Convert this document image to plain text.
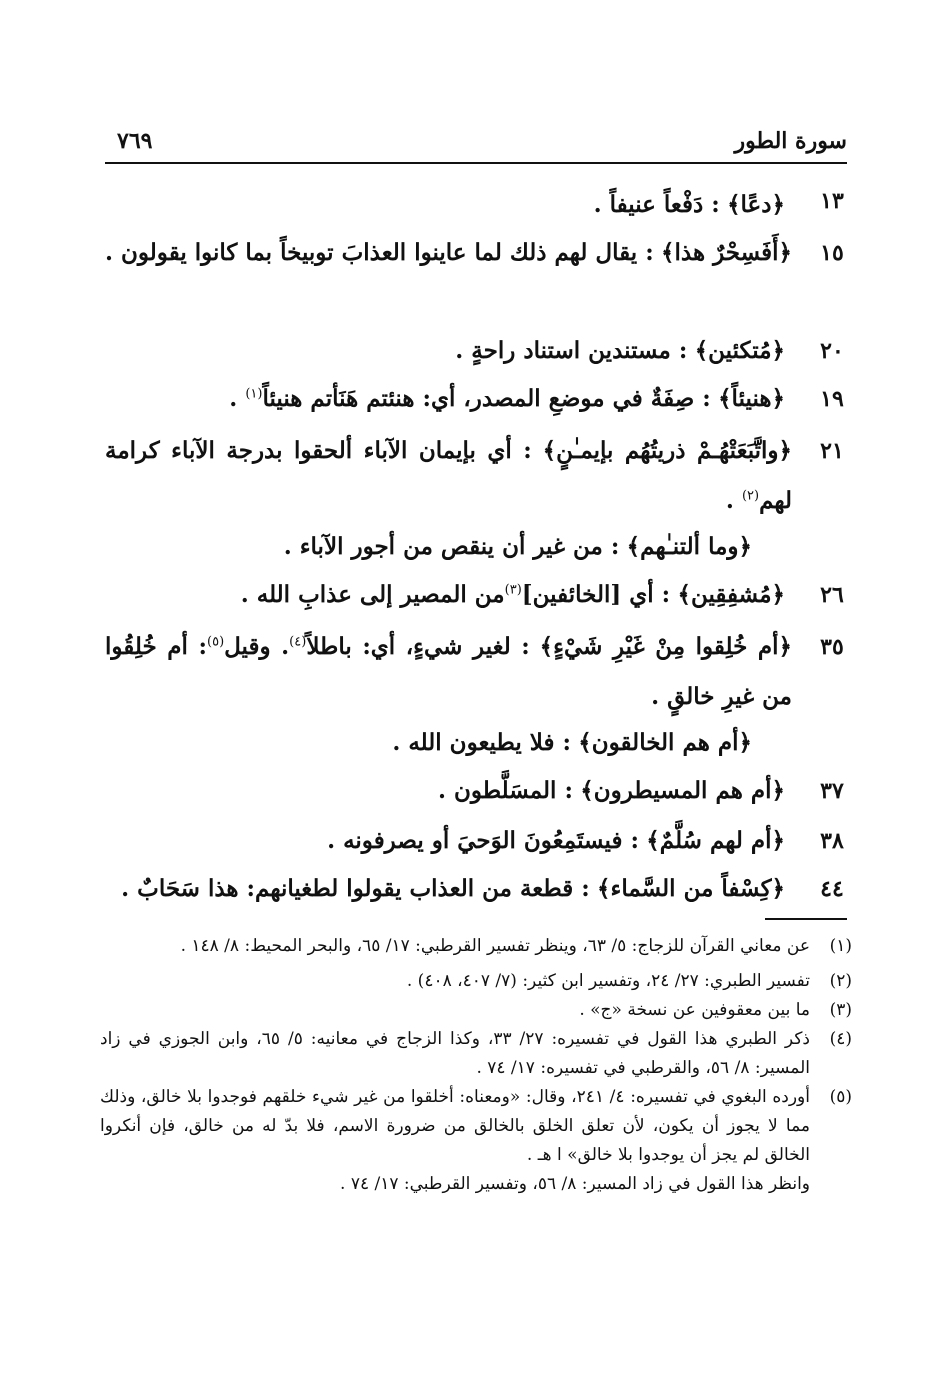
سورة الطور
٧٦٩
١٣
﴿دعًا﴾ : دَفْعاً عنيفاً .
١٥
﴿أَفَسِحْرٌ هذا﴾ : يقال لهم ذلك لما عاينوا العذابَ توبيخاً بما كانوا يقولون .
٢٠
﴿مُتكئين﴾ : مستندين استناد راحةٍ .
١٩
﴿هنيئاً﴾ : صِفَةٌ في موضعِ المصدر، أي: هنئتم هَنَأتم هنيئاً$^{(١)}$ .
٢١
﴿واتَّبَعَتْهُـمْ ذريتُهُم بإيمـٰنٍ﴾ : أي بإيمان الآباء ألحقوا بدرجة الآباء كرامة لهم$^{(٢)}$ .
﴿وما ألتنـٰهم﴾ : من غير أن ينقص من أجور الآباء .
٢٦
﴿مُشفِقِين﴾ : أي [الخائفين]$^{(٣)}$من المصير إلى عذابِ الله .
٣٥
﴿أم خُلِقوا مِنْ غَيْرِ شَيْءٍ﴾ : لغير شيءٍ، أي: باطلاً$^{(٤)}$. وقيل$^{(٥)}$: أم خُلِقُوا من غيرِ خالقٍ .
﴿أم هم الخالقون﴾ : فلا يطيعون الله .
٣٧
﴿أم هم المسيطرون﴾ : المسَلَّطون .
٣٨
﴿أم لهم سُلَّمٌ﴾ : فيستَمِعُونَ الوَحيَ أو يصرفونه .
٤٤
﴿كِسْفاً من السَّماء﴾ : قطعة من العذاب يقولوا لطغيانهم: هذا سَحَابٌ .
(١)
عن معاني القرآن للزجاج: ٥/ ٦٣، وينظر تفسير القرطبي: ١٧/ ٦٥، والبحر المحيط: ٨/ ١٤٨ .
(٢)
تفسير الطبري: ٢٧/ ٢٤، وتفسير ابن كثير: (٧/ ٤٠٧، ٤٠٨) .
(٣)
ما بين معقوفين عن نسخة «ج» .
(٤)
ذكر الطبري هذا القول في تفسيره: ٢٧/ ٣٣، وكذا الزجاج في معانيه: ٥/ ٦٥، وابن الجوزي في زاد المسير: ٨/ ٥٦، والقرطبي في تفسيره: ١٧/ ٧٤ .
(٥)
أورده البغوي في تفسيره: ٤/ ٢٤١، وقال: «ومعناه: أخلقوا من غير شيء خلقهم فوجدوا بلا خالق، وذلك مما لا يجوز أن يكون، لأن تعلق الخلق بالخالق من ضرورة الاسم، فلا بدّ له من خالق، فإن أنكروا الخالق لم يجز أن يوجدوا بلا خالق» ا هـ .
وانظر هذا القول في زاد المسير: ٨/ ٥٦، وتفسير القرطبي: ١٧/ ٧٤ .
